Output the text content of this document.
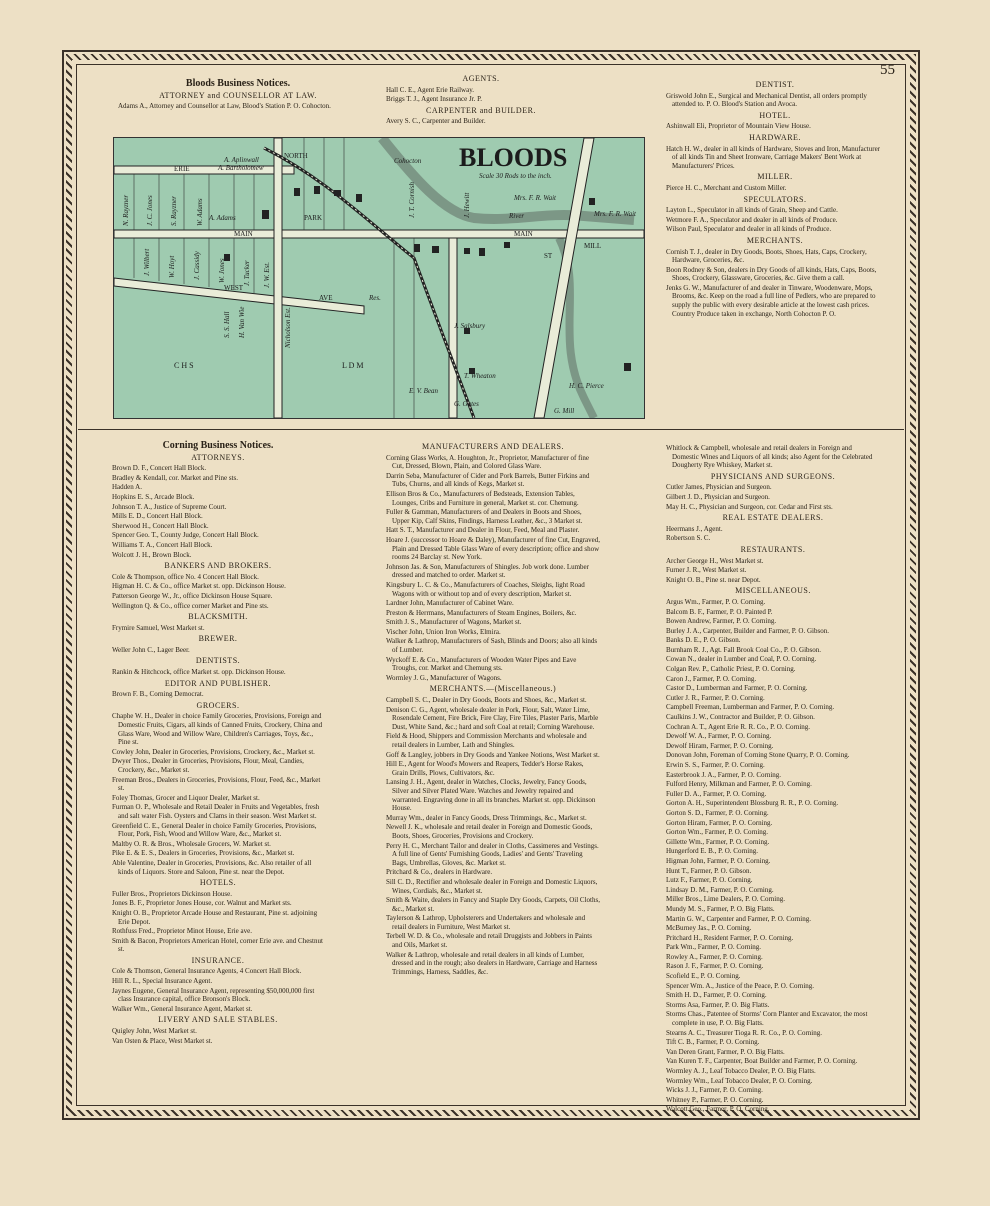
55
Bloods Business Notices.
ATTORNEY and COUNSELLOR AT LAW.

Adams A., Attorney and Counsellor at Law, Blood's Station P. O. Cohocton.

AGENTS.

Hall C. E., Agent Erie Railway.

Briggs T. J., Agent Insurance Jr. P.

CARPENTER and BUILDER.

Avery S. C., Carpenter and Builder.

DENTIST.

Griswold John E., Surgical and Mechanical Dentist, all orders promptly attended to. P. O. Blood's Station and Avoca.

HOTEL.

Ashinwall Eli, Proprietor of Mountain View House.

HARDWARE.

Hatch H. W., dealer in all kinds of Hardware, Stoves and Iron, Manufacturer of all kinds Tin and Sheet Ironware, Carriage Makers' Bent Work at Manufacturers' Prices.

MILLER.

Pierce H. C., Merchant and Custom Miller.

SPECULATORS.

Layton L., Speculator in all kinds of Grain, Sheep and Cattle.

Wetmore F. A., Speculator and dealer in all kinds of Produce.

Wilson Paul, Speculator and dealer in all kinds of Produce.

MERCHANTS.

Cornish T. J., dealer in Dry Goods, Boots, Shoes, Hats, Caps, Crockery, Hardware, Groceries, &c.

Boon Rodney & Son, dealers in Dry Goods of all kinds, Hats, Caps, Boots, Shoes, Crockery, Glassware, Groceries, &c. Give them a call.

Jenks G. W., Manufacturer of and dealer in Tinware, Woodenware, Mops, Brooms, &c. Keep on the road a full line of Pedlers, who are prepared to supply the public with every desirable article at the lowest cash prices. Country Produce taken in exchange, North Cohocton P. O.

BLOODS
Scale 30 Rods to the inch.
ERIE
MAIN	MAIN
PARK
WEST
AVE
MILL
ST
NORTH
Cohocton
River
A. Adams
Mrs. F. R. Wait
Mrs. F. R. Wait
J. Salsbury
T. Wheaton
H. C. Pierce
G. Mill
Res.
C H S	L D M
A. Aplinwall
A. Bartholomew
E. V. Bean
G. Gates
Nicholson Est.
H. Van Wie
S. S. Hall
N. Rayzner J. C. Jones S. Rayzner	W. Adams
J. Wilbert W. Hoyt J. Cassidy W. Jones J. Tucker J. W. Est.
J. T. Cornish	J. Hewitt
Corning Business Notices.
ATTORNEYS.

Brown D. F., Concert Hall Block.

Bradley & Kendall, cor. Market and Pine sts.

Hadden A.

Hopkins E. S., Arcade Block.

Johnson T. A., Justice of Supreme Court.

Mills E. D., Concert Hall Block.

Sherwood H., Concert Hall Block.

Spencer Geo. T., County Judge, Concert Hall Block.

Williams T. A., Concert Hall Block.

Wolcott J. H., Brown Block.

BANKERS AND BROKERS.

Cole & Thompson, office No. 4 Concert Hall Block.

Higman H. C. & Co., office Market st. opp. Dickinson House.

Patterson George W., Jr., office Dickinson House Square.

Wellington Q. & Co., office corner Market and Pine sts.

BLACKSMITH.

Frymire Samuel, West Market st.

BREWER.

Weller John C., Lager Beer.

DENTISTS.

Rankin & Hitchcock, office Market st. opp. Dickinson House.

EDITOR AND PUBLISHER.

Brown F. B., Corning Democrat.

GROCERS.

Chaphe W. H., Dealer in choice Family Groceries, Provisions, Foreign and Domestic Fruits, Cigars, all kinds of Canned Fruits, Crockery, China and Glass Ware, Wood and Willow Ware, Children's Carriages, Toys, &c., Pine st.

Cowley John, Dealer in Groceries, Provisions, Crockery, &c., Market st.

Dwyer Thos., Dealer in Groceries, Provisions, Flour, Meal, Candies, Crockery, &c., Market st.

Freeman Bros., Dealers in Groceries, Provisions, Flour, Feed, &c., Market st.

Foley Thomas, Grocer and Liquor Dealer, Market st.

Furman O. P., Wholesale and Retail Dealer in Fruits and Vegetables, fresh and salt water Fish. Oysters and Clams in their season. West Market st.

Greenfield C. E., General Dealer in choice Family Groceries, Provisions, Flour, Pork, Fish, Wood and Willow Ware, &c., Market st.

Maltby O. R. & Bros., Wholesale Grocers, W. Market st.

Pike E. & E. S., Dealers in Groceries, Provisions, &c., Market st.

Able Valentine, Dealer in Groceries, Provisions, &c. Also retailer of all kinds of Liquors. Store and Saloon, Pine st. near the Depot.

HOTELS.

Fuller Bros., Proprietors Dickinson House.

Jones B. F., Proprietor Jones House, cor. Walnut and Market sts.

Knight O. B., Proprietor Arcade House and Restaurant, Pine st. adjoining Erie Depot.

Rothfuss Fred., Proprietor Minot House, Erie ave.

Smith & Bacon, Proprietors American Hotel, corner Erie ave. and Chestnut st.

INSURANCE.

Cole & Thomson, General Insurance Agents, 4 Concert Hall Block.

Hill R. L., Special Insurance Agent.

Jaynes Eugene, General Insurance Agent, representing $50,000,000 first class Insurance capital, office Bronson's Block.

Walker Wm., General Insurance Agent, Market st.

LIVERY AND SALE STABLES.

Quigley John, West Market st.

Van Osten & Place, West Market st.

MANUFACTURERS AND DEALERS.

Corning Glass Works, A. Houghton, Jr., Proprietor, Manufacturer of fine Cut, Dressed, Blown, Plain, and Colored Glass Ware.

Darrin Seba, Manufacturer of Cider and Pork Barrels, Butter Firkins and Tubs, Churns, and all kinds of Kegs, Market st.

Ellison Bros & Co., Manufacturers of Bedsteads, Extension Tables, Lounges, Cribs and Furniture in general, Market st. cor. Chemung.

Fuller & Gamman, Manufacturers of and Dealers in Boots and Shoes, Upper Kip, Calf Skins, Findings, Harness Leather, &c., 3 Market st.

Hatt S. T., Manufacturer and Dealer in Flour, Feed, Meal and Plaster.

Hoare J. (successor to Hoare & Daley), Manufacturer of fine Cut, Engraved, Plain and Dressed Table Glass Ware of every description; office and show rooms 24 Barclay st. New York.

Johnson Jas. & Son, Manufacturers of Shingles. Job work done. Lumber dressed and matched to order. Market st.

Kingsbury L. C. & Co., Manufacturers of Coaches, Sleighs, light Road Wagons with or without top and of every description, Market st.

Lardner John, Manufacturer of Cabinet Ware.

Preston & Herrmans, Manufacturers of Steam Engines, Boilers, &c.

Smith J. S., Manufacturer of Wagons, Market st.

Vischer John, Union Iron Works, Elmira.

Walker & Lathrop, Manufacturers of Sash, Blinds and Doors; also all kinds of Lumber.

Wyckoff E. & Co., Manufacturers of Wooden Water Pipes and Eave Troughs, cor. Market and Chemung sts.

Wormley J. G., Manufacturer of Wagons.

MERCHANTS.—(Miscellaneous.)

Campbell S. C., Dealer in Dry Goods, Boots and Shoes, &c., Market st.

Denison C. G., Agent, wholesale dealer in Pork, Flour, Salt, Water Lime, Rosendale Cement, Fire Brick, Fire Clay, Fire Tiles, Plaster Paris, Marble Dust, White Sand, &c.; hard and soft Coal at retail; Corning Warehouse.

Field & Hood, Shippers and Commission Merchants and wholesale and retail dealers in Lumber, Lath and Shingles.

Goff & Langley, jobbers in Dry Goods and Yankee Notions, West Market st.

Hill E., Agent for Wood's Mowers and Reapers, Tedder's Horse Rakes, Grain Drills, Plows, Cultivators, &c.

Lansing J. H., Agent, dealer in Watches, Clocks, Jewelry, Fancy Goods, Silver and Silver Plated Ware. Watches and Jewelry repaired and warranted. Engraving done in all its branches. Market st. opp. Dickinson House.

Murray Wm., dealer in Fancy Goods, Dress Trimmings, &c., Market st.

Newell J. K., wholesale and retail dealer in Foreign and Domestic Goods, Boots, Shoes, Groceries, Provisions and Crockery.

Perry H. C., Merchant Tailor and dealer in Cloths, Cassimeres and Vestings. A full line of Gents' Furnishing Goods, Ladies' and Gents' Traveling Bags, Umbrellas, Gloves, &c. Market st.

Pritchard & Co., dealers in Hardware.

Sill C. D., Rectifier and wholesale dealer in Foreign and Domestic Liquors, Wines, Cordials, &c., Market st.

Smith & Waite, dealers in Fancy and Staple Dry Goods, Carpets, Oil Cloths, &c., Market st.

Taylerson & Lathrop, Upholsterers and Undertakers and wholesale and retail dealers in Furniture, West Market st.

Terbell W. D. & Co., wholesale and retail Druggists and Jobbers in Paints and Oils, Market st.

Walker & Lathrop, wholesale and retail dealers in all kinds of Lumber, dressed and in the rough; also dealers in Hardware, Carriage and Harness Trimmings, Harness, Saddles, &c.

Whitlock & Campbell, wholesale and retail dealers in Foreign and Domestic Wines and Liquors of all kinds; also Agent for the Celebrated Dougherty Rye Whiskey, Market st.

PHYSICIANS AND SURGEONS.

Cutler James, Physician and Surgeon.

Gilbert J. D., Physician and Surgeon.

May H. C., Physician and Surgeon, cor. Cedar and First sts.

REAL ESTATE DEALERS.

Heermans J., Agent.

Robertson S. C.

RESTAURANTS.

Archer George H., West Market st.

Furner J. R., West Market st.

Knight O. B., Pine st. near Depot.

MISCELLANEOUS.

Argus Wm., Farmer, P. O. Corning.

Balcom B. F., Farmer, P. O. Painted P.

Bowen Andrew, Farmer, P. O. Corning.

Burley J. A., Carpenter, Builder and Farmer, P. O. Gibson.

Banks D. E., P. O. Gibson.

Burnham R. J., Agt. Fall Brook Coal Co., P. O. Gibson.

Cowan N., dealer in Lumber and Coal, P. O. Corning.

Colgan Rev. P., Catholic Priest, P. O. Corning.

Caron J., Farmer, P. O. Corning.

Castor D., Lumberman and Farmer, P. O. Corning.

Cutler J. R., Farmer, P. O. Corning.

Campbell Freeman, Lumberman and Farmer, P. O. Corning.

Caulkins J. W., Contractor and Builder, P. O. Gibson.

Cochran A. T., Agent Erie R. R. Co., P. O. Corning.

Dewolf W. A., Farmer, P. O. Corning.

Dewolf Hiram, Farmer, P. O. Corning.

Donovan John, Foreman of Corning Stone Quarry, P. O. Corning.

Erwin S. S., Farmer, P. O. Corning.

Easterbrook J. A., Farmer, P. O. Corning.

Fulford Henry, Milkman and Farmer, P. O. Corning.

Fuller D. A., Farmer, P. O. Corning.

Gorton A. H., Superintendent Blossburg R. R., P. O. Corning.

Gorton S. D., Farmer, P. O. Corning.

Gorton Hiram, Farmer, P. O. Corning.

Gorton Wm., Farmer, P. O. Corning.

Gillette Wm., Farmer, P. O. Corning.

Hungerford E. B., P. O. Corning.

Higman John, Farmer, P. O. Corning.

Hunt T., Farmer, P. O. Gibson.

Lutz F., Farmer, P. O. Corning.

Lindsay D. M., Farmer, P. O. Corning.

Miller Bros., Lime Dealers, P. O. Corning.

Mundy M. S., Farmer, P. O. Big Flatts.

Martin G. W., Carpenter and Farmer, P. O. Corning.

McBurney Jas., P. O. Corning.

Pritchard H., Resident Farmer, P. O. Corning.

Park Wm., Farmer, P. O. Corning.

Rowley A., Farmer, P. O. Corning.

Rason J. F., Farmer, P. O. Corning.

Scofield E., P. O. Corning.

Spencer Wm. A., Justice of the Peace, P. O. Corning.

Smith H. D., Farmer, P. O. Corning.

Storms Asa, Farmer, P. O. Big Flatts.

Storms Chas., Patentee of Storms' Corn Planter and Excavator, the most complete in use, P. O. Big Flatts.

Stearns A. C., Treasurer Tioga R. R. Co., P. O. Corning.

Tift C. B., Farmer, P. O. Corning.

Van Deren Grant, Farmer, P. O. Big Flatts.

Van Kuren T. F., Carpenter, Boat Builder and Farmer, P. O. Corning.

Wormley A. J., Leaf Tobacco Dealer, P. O. Big Flatts.

Wormley Wm., Leaf Tobacco Dealer, P. O. Corning.

Wicks J. J., Farmer, P. O. Corning.

Whitney P., Farmer, P. O. Corning.

Walcott Geo., Farmer, P. O. Corning.
